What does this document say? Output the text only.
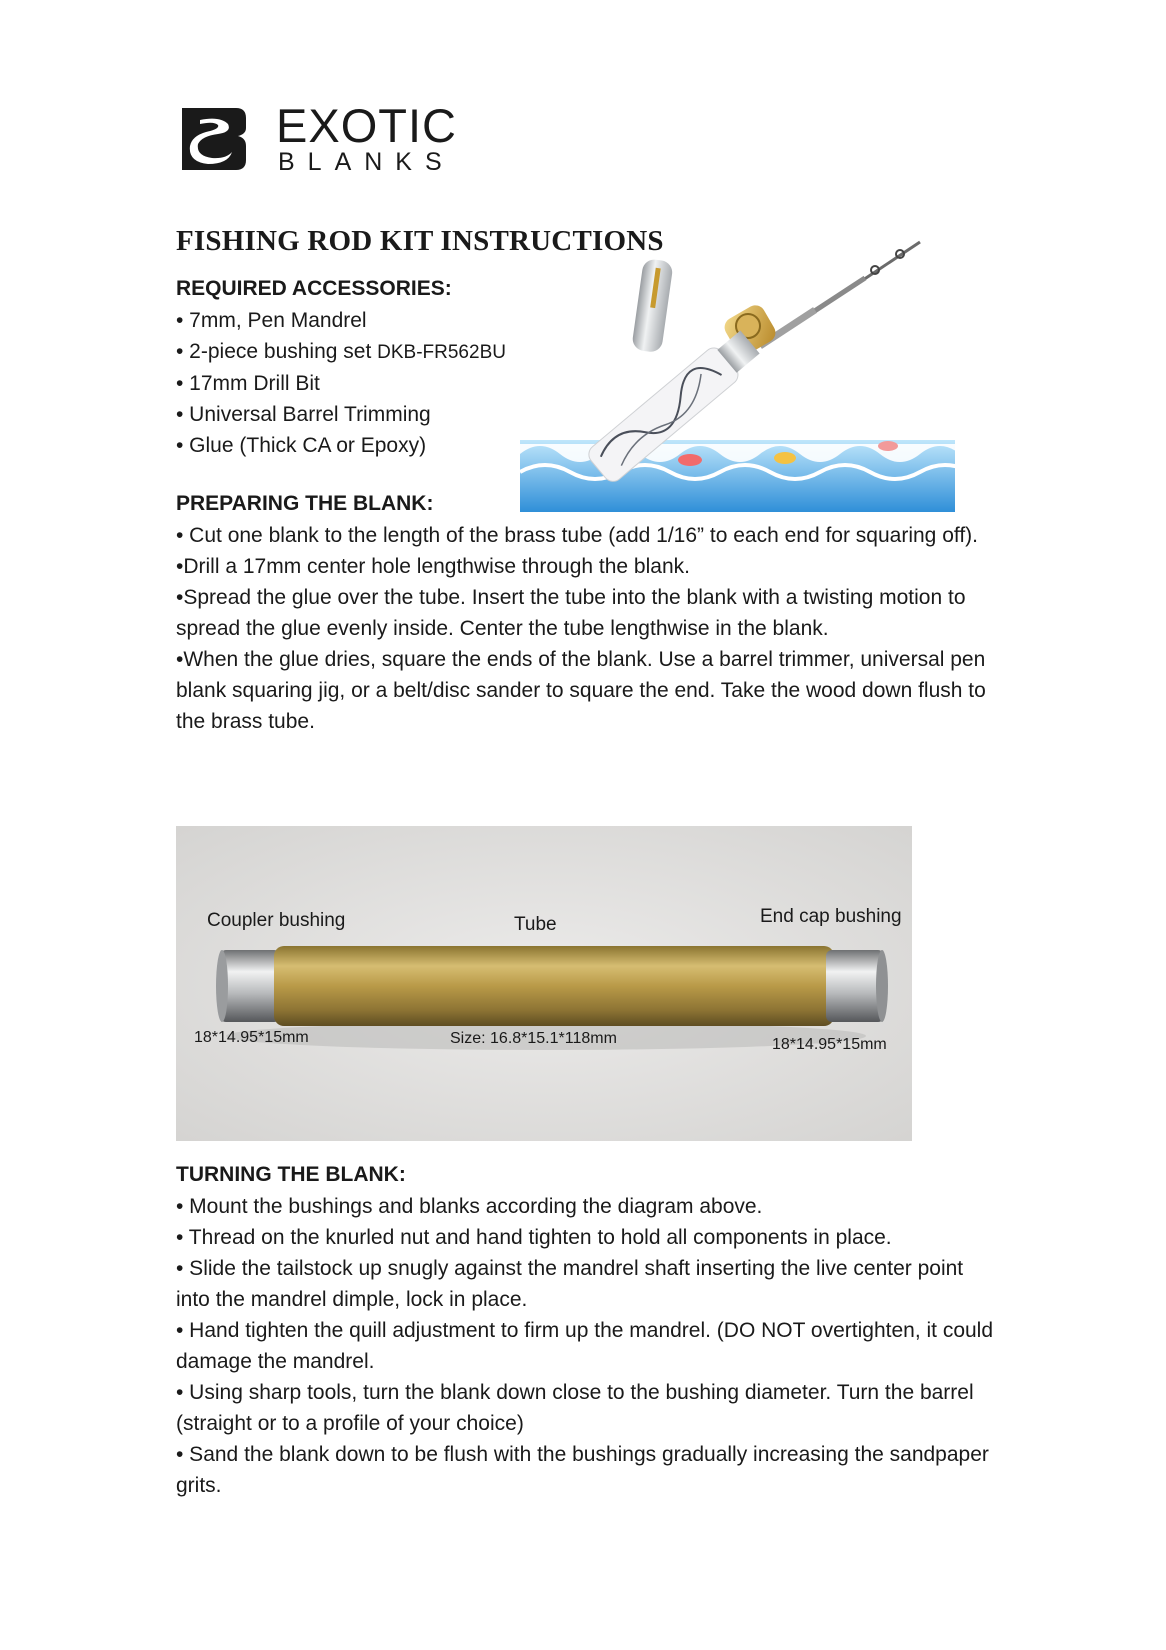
EXOTIC
BLANKS
FISHING ROD KIT INSTRUCTIONS
REQUIRED ACCESSORIES:
• 7mm, Pen Mandrel
• 2-piece bushing set DKB-FR562BU
• 17mm Drill Bit
• Universal Barrel Trimming
• Glue (Thick CA or Epoxy)
PREPARING THE BLANK:

• Cut one blank to the length of the brass tube (add 1/16” to each end for squaring off).

•Drill a 17mm center hole lengthwise through the blank.

•Spread the glue over the tube. Insert the tube into the blank with a twisting motion to spread the glue evenly inside. Center the tube lengthwise in the blank.

•When the glue dries, square the ends of the blank. Use a barrel trimmer, universal pen blank squaring jig, or a belt/disc sander to square the end. Take the wood down flush to the brass tube.

Coupler bushing	Tube	End cap bushing
18*14.95*15mm	Size: 16.8*15.1*118mm	18*14.95*15mm
TURNING THE BLANK:

• Mount the bushings and blanks according the diagram above.

• Thread on the knurled nut and hand tighten to hold all components in place.

• Slide the tailstock up snugly against the mandrel shaft inserting the live center point into the mandrel dimple, lock in place.

• Hand tighten the quill adjustment to firm up the mandrel. (DO NOT overtighten, it could damage the mandrel.

• Using sharp tools, turn the blank down close to the bushing diameter. Turn the barrel (straight or to a profile of your choice)

• Sand the blank down to be flush with the bushings gradually increasing the sandpaper grits.
